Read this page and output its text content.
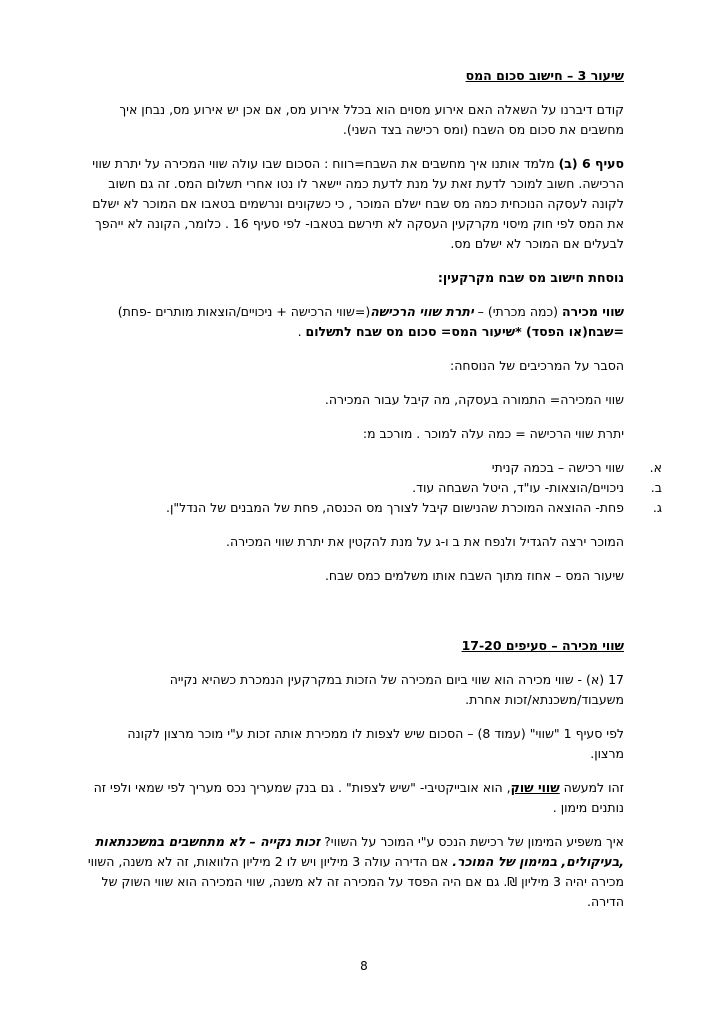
שיעור 3 – חישוב סכום המס
קודם דיברנו על השאלה האם אירוע מסוים הוא בכלל אירוע מס, אם אכן יש אירוע מס, נבחן איך
מחשבים את סכום מס השבח (ומס רכישה בצד השני).
סעיף 6 (ב) מלמד אותנו איך מחשבים את השבח=רווח : הסכום שבו עולה שווי המכירה על יתרת שווי
הרכישה. חשוב למוכר לדעת זאת על מנת לדעת כמה יישאר לו נטו אחרי תשלום המס. זה גם חשוב
לקונה לעסקה הנוכחית כמה מס שבח ישלם המוכר , כי כשקונים ונרשמים בטאבו אם המוכר לא ישלם
את המס לפי חוק מיסוי מקרקעין העסקה לא תירשם בטאבו- לפי סעיף 16 . כלומר, הקונה לא ייהפך
לבעלים אם המוכר לא ישלם מס.
נוסחת חישוב מס שבח מקרקעין:
שווי מכירה (כמה מכרתי) – יתרת שווי הרכישה(=שווי הרכישה + ניכויים/הוצאות מותרים -פחת)
=שבח(או הפסד) *שיעור המס= סכום מס שבח לתשלום .
הסבר על המרכיבים של הנוסחה:
שווי המכירה= התמורה בעסקה, מה קיבל עבור המכירה.
יתרת שווי הרכישה = כמה עלה למוכר . מורכב מ:
א.
שווי רכישה – בכמה קניתי
ב.
ניכויים/הוצאות- עו"ד, היטל השבחה עוד.
ג.
פחת- ההוצאה המוכרת שהנישום קיבל לצורך מס הכנסה, פחת של המבנים של הנדל"ן.
המוכר ירצה להגדיל ולנפח את ב ו-ג על מנת להקטין את יתרת שווי המכירה.
שיעור המס – אחוז מתוך השבח אותו משלמים כמס שבח.
שווי מכירה – סעיפים 17-20
17 (א) - שווי מכירה הוא שווי ביום המכירה של הזכות במקרקעין הנמכרת כשהיא נקייה
משעבוד/משכנתא/זכות אחרת.
לפי סעיף 1 "שווי" (עמוד 8) – הסכום שיש לצפות לו ממכירת אותה זכות ע"י מוכר מרצון לקונה
מרצון.
זהו למעשה שווי שוק, הוא אובייקטיבי- "שיש לצפות" . גם בנק שמעריך נכס מעריך לפי שמאי ולפי זה
נותנים מימון .
איך משפיע המימון של רכישת הנכס ע"י המוכר על השווי? זכות נקייה – לא מתחשבים במשכנתאות
,בעיקולים, במימון של המוכר. אם הדירה עולה 3 מיליון ויש לו 2 מיליון הלוואות, זה לא משנה, השווי
מכירה יהיה 3 מיליון ₪. גם אם היה הפסד על המכירה זה לא משנה, שווי המכירה הוא שווי השוק של
הדירה.
8
